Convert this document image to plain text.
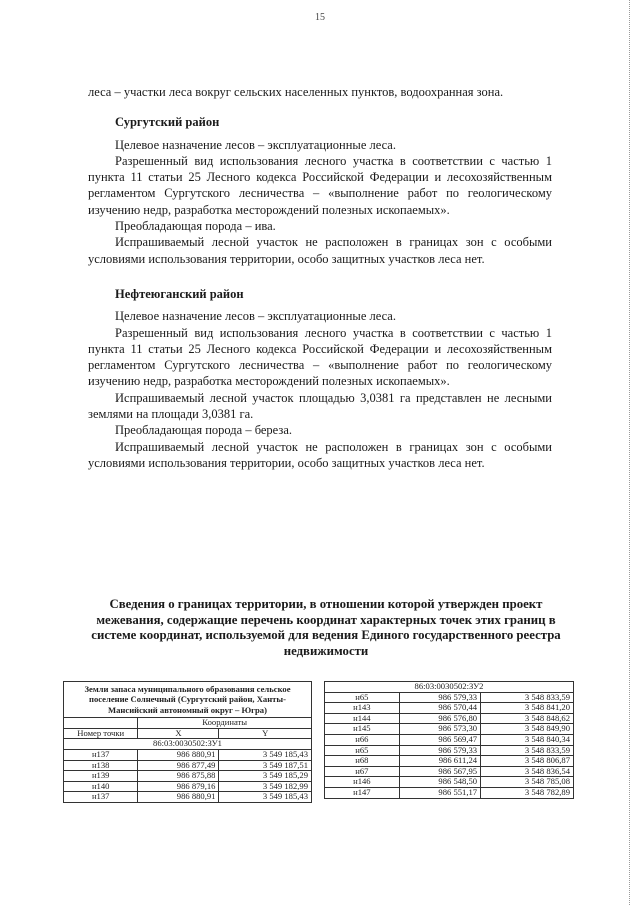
15

леса – участки леса вокруг сельских населенных пунктов, водоохранная зона.

Сургутский район

Целевое назначение лесов – эксплуатационные леса.

Разрешенный вид использования лесного участка в соответствии с частью 1 пункта 11 статьи 25 Лесного кодекса Российской Федерации и лесохозяйственным регламентом Сургутского лесничества – «выполнение работ по геологическому изучению недр, разработка месторождений полезных ископаемых».

Преобладающая порода – ива.

Испрашиваемый лесной участок не расположен в границах зон с особыми условиями использования территории, особо защитных участков леса нет.

Нефтеюганский район

Целевое назначение лесов – эксплуатационные леса.

Разрешенный вид использования лесного участка в соответствии с частью 1 пункта 11 статьи 25 Лесного кодекса Российской Федерации и лесохозяйственным регламентом Сургутского лесничества – «выполнение работ по геологическому изучению недр, разработка месторождений полезных ископаемых».

Испрашиваемый лесной участок площадью 3,0381 га представлен не лесными землями на площади 3,0381 га.

Преобладающая порода – береза.

Испрашиваемый лесной участок не расположен в границах зон с особыми условиями использования территории, особо защитных участков леса нет.

Сведения о границах территории, в отношении которой утвержден проект межевания, содержащие перечень координат характерных точек этих границ в системе координат, используемой для ведения Единого государственного реестра недвижимости
Земли запаса муниципального образования сельское поселение Солнечный (Сургутский район, Ханты-Мансийский автономный округ – Югра)		
	Координаты	
Номер точки	X	Y
86:03:0030502:ЗУ1		
н137	986 880,91	3 549 185,43
н138	986 877,49	3 549 187,51
н139	986 875,88	3 549 185,29
н140	986 879,16	3 549 182,99
н137	986 880,91	3 549 185,43
86:03:0030502:ЗУ2		
н65	986 579,33	3 548 833,59
н143	986 570,44	3 548 841,20
н144	986 576,80	3 548 848,62
н145	986 573,30	3 548 849,90
н66	986 569,47	3 548 840,34
н65	986 579,33	3 548 833,59
н68	986 611,24	3 548 806,87
н67	986 567,95	3 548 836,54
н146	986 548,50	3 548 785,08
н147	986 551,17	3 548 782,89
